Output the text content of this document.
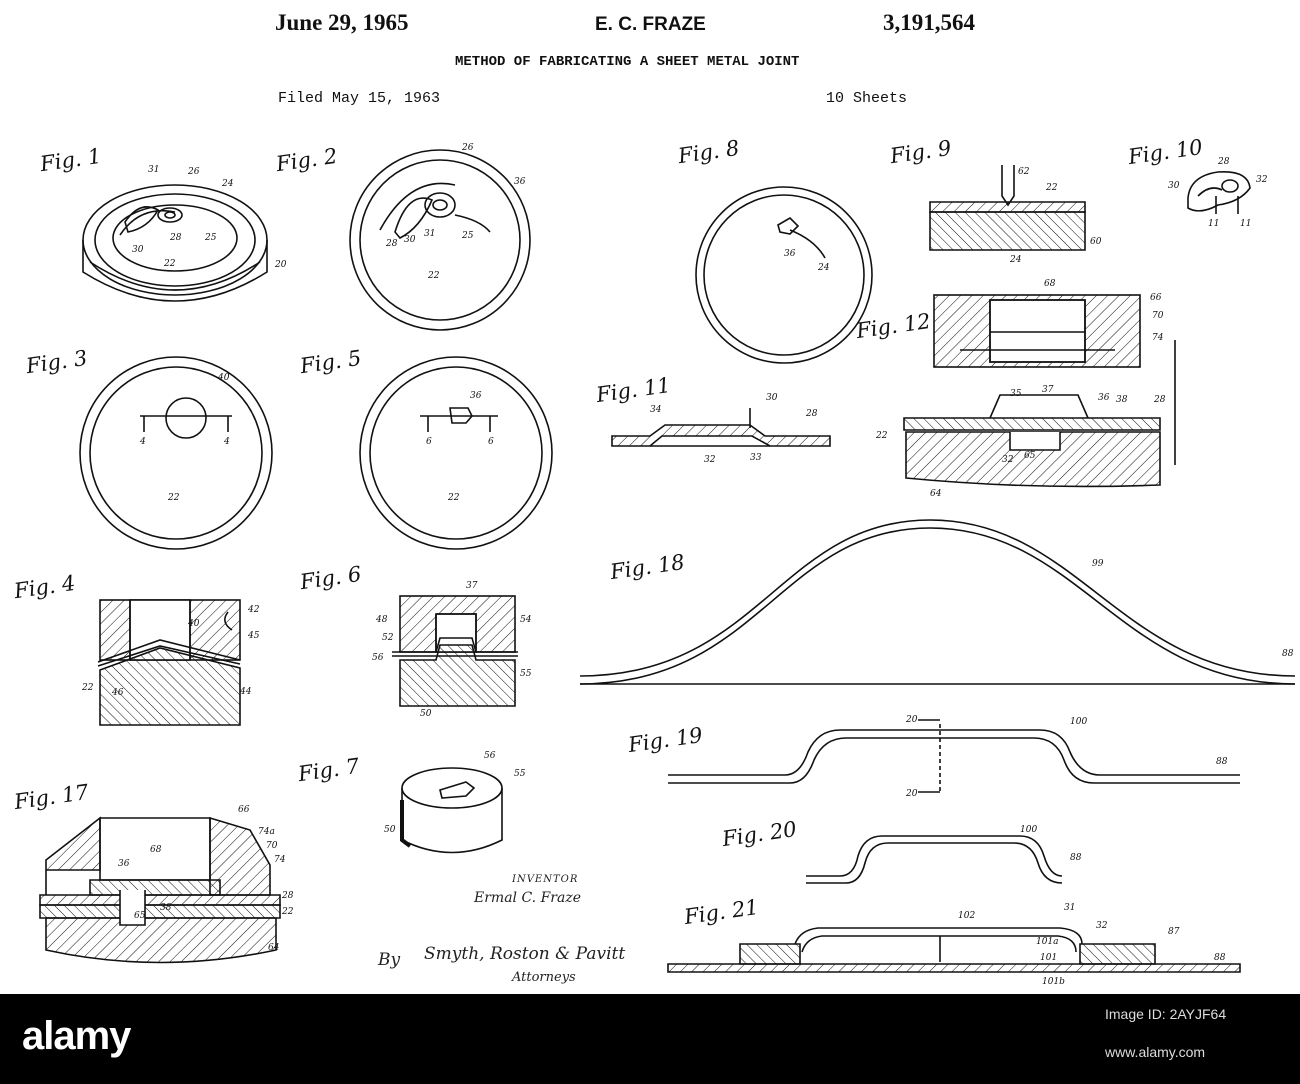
June 29, 1965	E. C. FRAZE	3,191,564
METHOD OF FABRICATING A SHEET METAL JOINT
Filed May 15, 1963	10 Sheets
Fig. 1	Fig. 2
Fig. 3
Fig. 4
Fig. 5
Fig. 6
Fig. 7
Fig. 8	Fig. 9	Fig. 10
Fig. 11
Fig. 12
Fig. 17
Fig. 18
Fig. 19
Fig. 20
Fig. 21
INVENTOR
Ermal C. Fraze
By Smyth, Roston & Pavitt
Attorneys
31	26
24
30
28	25
22	20
26
36
28 30
31	25
22
40
4	4
22
36
6	6
22
42
40
45
22 46	44
37
48
52
54
56
55
50
56
55
50
36
24
62
22
24
60
28
30
32
11 11
34
30
28
32	33
68
66
70
74
35 37
36 38	28
22
32 65
64
66
68
74a
70
74
36
38
65
28
22
64
99
88
20
20
100
88
100
88
102
31
32
87
88
101a
101
101b
alamy	Image ID: 2AYJF64
www.alamy.com
